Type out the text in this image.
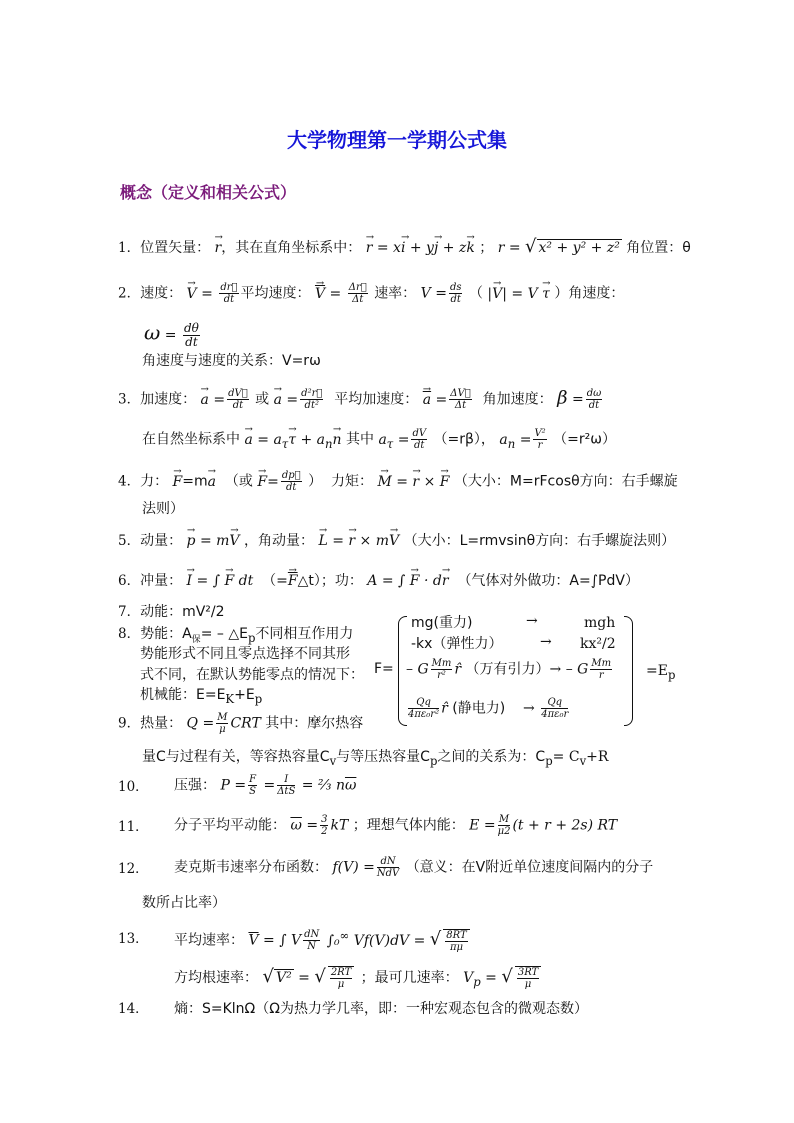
大学物理第一学期公式集
概念（定义和相关公式）
1．位置矢量： → r，其在直角坐标系中： → r = x→ i + y→ j + z→ k ； r = √ x² + y² + z² 角位置：θ
2．速度： → $V = \frac{dr⃗}{dt}$ 平均速度： → $\overline{V} = \frac{\Delta r⃗}{\Delta t}$ 速率： $V = \frac{ds}{dt}$ （ |→ V| = V → τ ）角速度：
$\omega = \frac{d\theta}{dt}$
角速度与速度的关系：V=rω
3．加速度： → $a = \frac{dV⃗}{dt}$ 或 → $a = \frac{\text{d²r⃗}}{\text{dt²}}$ 平均加速度： → $\overline{a} = \frac{\Delta V⃗}{\Delta t}$ 角加速度： $\beta = \frac{d\omega}{dt}$
在自然坐标系中 → $a = a_\tau\to \tau + a_n\to n$ 其中 $a_\tau = \frac{dV}{dt} (=r\beta)$， $a_n = \frac{\text{V²}}{r} (=r^2\omega)$
4．力： → F=m→ a （或 → $F= \frac{dp⃗}{dt}$ ） 力矩： → M = → r × → F （大小：M=rFcosθ方向：右手螺旋
法则）
5．动量： → p = m→ V ，角动量： → L = → r × m→ V （大小：L=rmvsinθ方向：右手螺旋法则）
6．冲量： → I = ∫ → F dt （=→ $\overline{F}\triangle t$）；功： A = ∫ → F · d→ r （气体对外做功：A=∫PdV）
7．动能：mV²/2
8．势能：$A_保=$ – $\triangle E_p$不同相互作用力
势能形式不同且零点选择不同其形
式不同，在默认势能零点的情况下：
机械能：$E=E_K+E_p$
F=
mg(重力)	→	mgh
-kx（弹性力）	→ kx²/2
– G $\frac{Mm}{\text{r²}}$ r̂ （万有引力）→ – G $\frac{Mm}{r}$
$\frac{Qq}{\text{4πε₀r²}}$ r̂ (静电力) → $\frac{Qq}{\text{4πε₀r}}$
$=E_p$
9．热量： $Q = \frac{M}{\mu}$ CRT 其中：摩尔热容
量C与过程有关，等容热容量$C_v$与等压热容量$C_p$之间的关系为：$C_p= C_v+R$
10． 压强： $P = \frac{F}{S} = \frac{I}{\text{ΔtS}}$ = ⅔ $n\overline{\omega}$
11． 分子平均平动能： $\overline{\omega} = \frac{3}{2}$ kT ；理想气体内能： $E = \frac{M}{\mu 2} (t + r + 2s)$ RT
12． 麦克斯韦速率分布函数： $f(V) = \frac{dN}{\text{NdV}}$ （意义：在V附近单位速度间隔内的分子
数所占比率）
13． 平均速率： $\overline{V}$ = ∫ V $\frac{dN}{N} \int_0^\infty$ Vf(V)dV = √ $\frac{8RT}{\pi\mu}$
方均根速率： √ V² = √ $\frac{2RT}{\mu}$ ；最可几速率： $V_p$ = √ $\frac{3RT}{\mu}$
14． 熵：S=KlnΩ（Ω为热力学几率，即：一种宏观态包含的微观态数）
